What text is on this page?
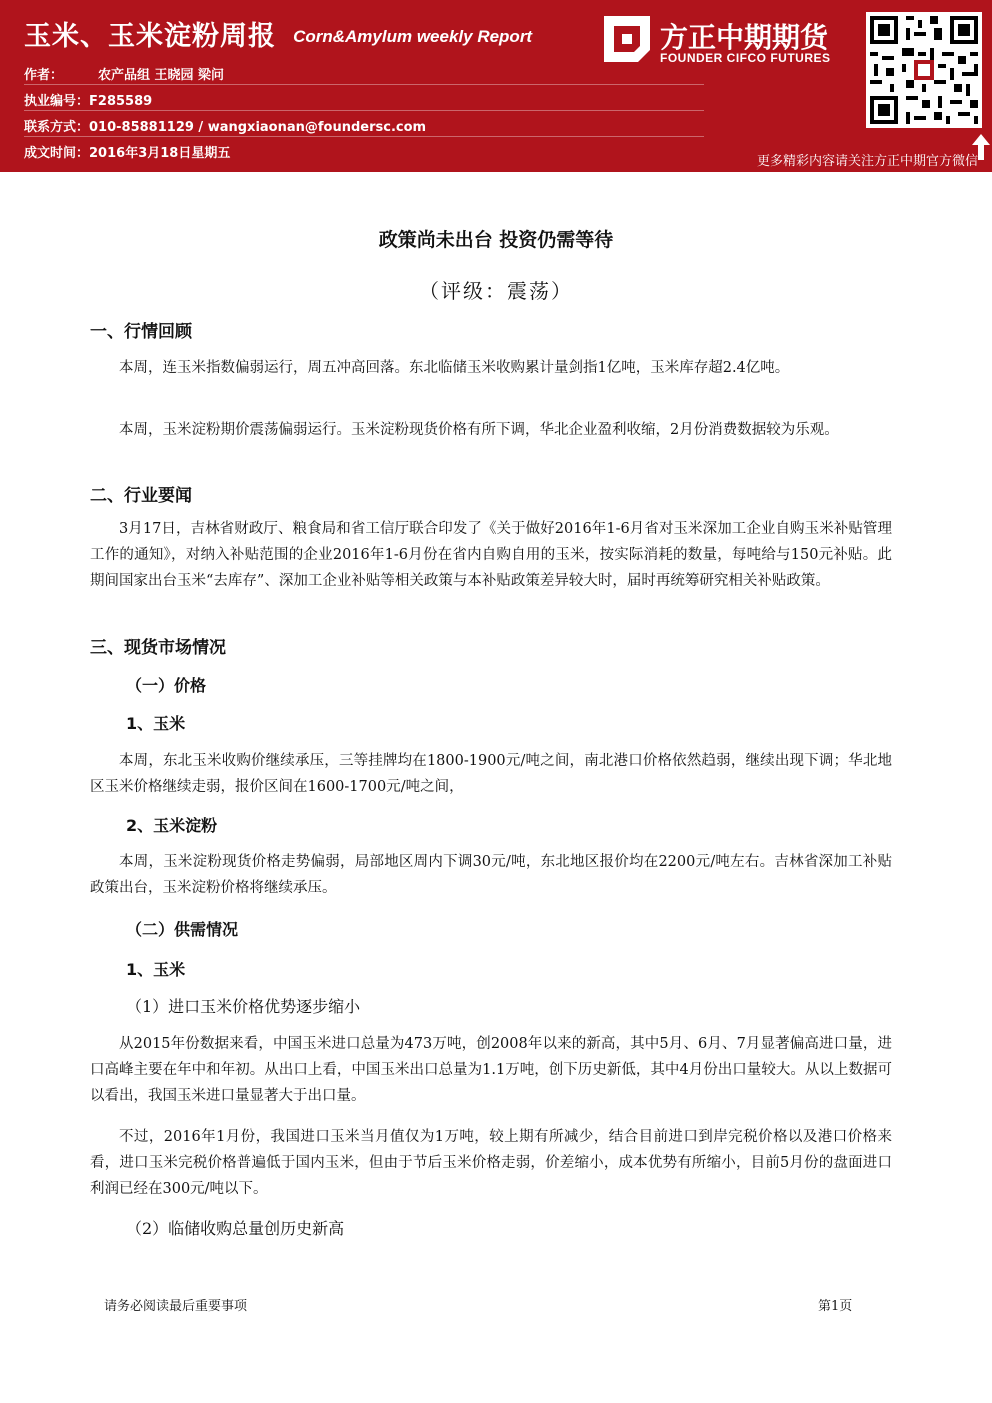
玉米、玉米淀粉周报 Corn&Amylum weekly Report
作者：	农产品组 王晓园 梁问
执业编号：F285589
联系方式：010-85881129 / wangxiaonan@foundersc.com
成文时间：2016年3月18日星期五
方正中期期货
FOUNDER CIFCO FUTURES
更多精彩内容请关注方正中期官方微信
政策尚未出台 投资仍需等待
（评级：震荡）
一、行情回顾
本周，连玉米指数偏弱运行，周五冲高回落。东北临储玉米收购累计量剑指1亿吨，玉米库存超2.4亿吨。
本周，玉米淀粉期价震荡偏弱运行。玉米淀粉现货价格有所下调，华北企业盈利收缩，2月份消费数据较为乐观。
二、行业要闻
3月17日，吉林省财政厅、粮食局和省工信厅联合印发了《关于做好2016年1-6月省对玉米深加工企业自购玉米补贴管理工作的通知》，对纳入补贴范围的企业2016年1-6月份在省内自购自用的玉米，按实际消耗的数量，每吨给与150元补贴。此期间国家出台玉米“去库存”、深加工企业补贴等相关政策与本补贴政策差异较大时，届时再统筹研究相关补贴政策。
三、现货市场情况
（一）价格
1、玉米
本周，东北玉米收购价继续承压，三等挂牌均在1800-1900元/吨之间，南北港口价格依然趋弱，继续出现下调；华北地区玉米价格继续走弱，报价区间在1600-1700元/吨之间，
2、玉米淀粉
本周，玉米淀粉现货价格走势偏弱，局部地区周内下调30元/吨，东北地区报价均在2200元/吨左右。吉林省深加工补贴政策出台，玉米淀粉价格将继续承压。
（二）供需情况
1、玉米
（1）进口玉米价格优势逐步缩小
从2015年份数据来看，中国玉米进口总量为473万吨，创2008年以来的新高，其中5月、6月、7月显著偏高进口量，进口高峰主要在年中和年初。从出口上看，中国玉米出口总量为1.1万吨，创下历史新低，其中4月份出口量较大。从以上数据可以看出，我国玉米进口量显著大于出口量。
不过，2016年1月份，我国进口玉米当月值仅为1万吨，较上期有所减少，结合目前进口到岸完税价格以及港口价格来看，进口玉米完税价格普遍低于国内玉米，但由于节后玉米价格走弱，价差缩小，成本优势有所缩小，目前5月份的盘面进口利润已经在300元/吨以下。
（2）临储收购总量创历史新高
请务必阅读最后重要事项	第1页
